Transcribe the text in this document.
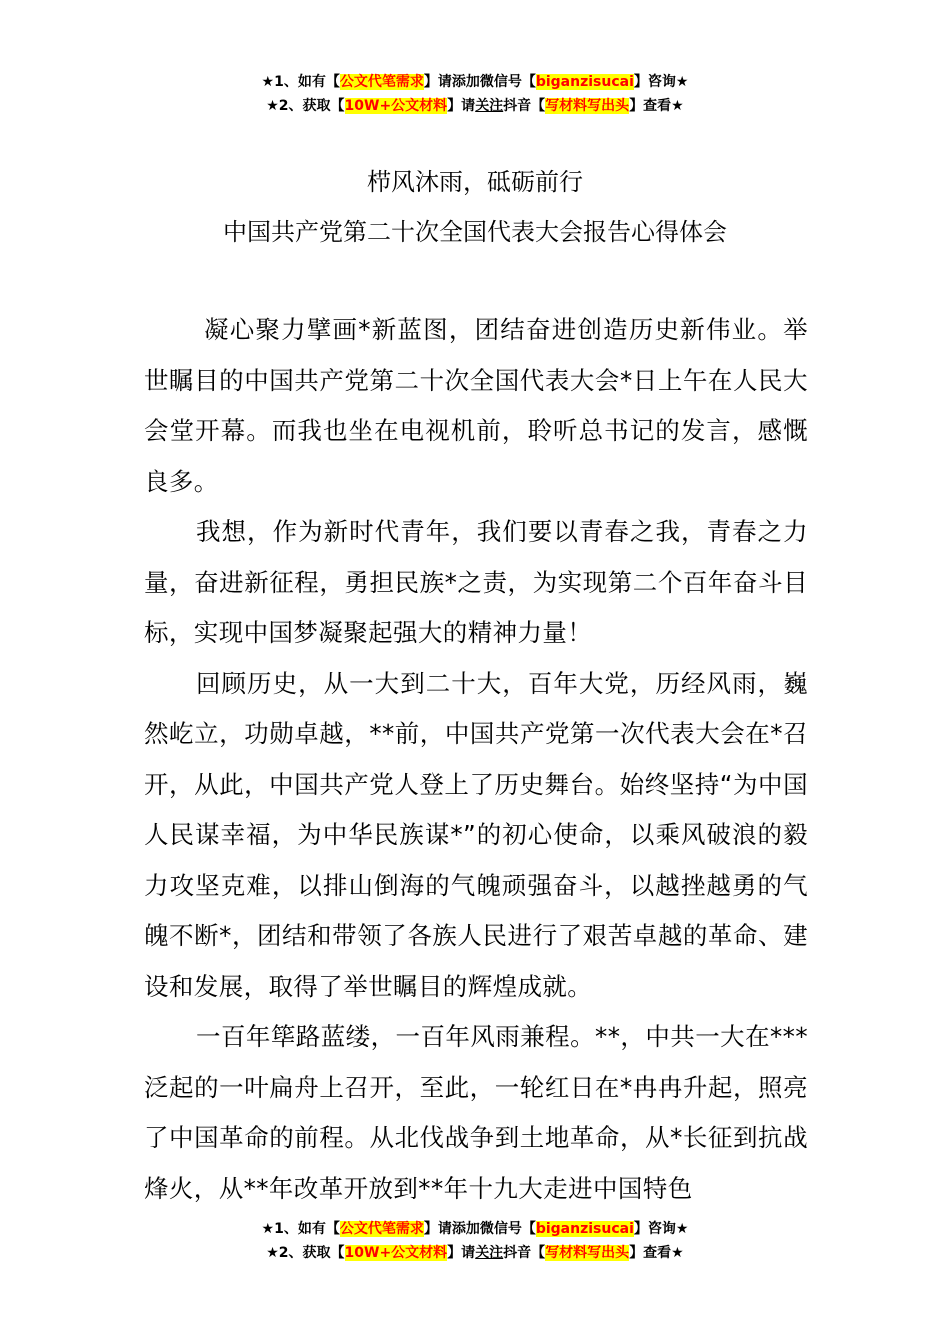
★1、如有【公文代笔需求】请添加微信号【biganzisucai】咨询★
★2、获取【10W+公文材料】请关注抖音【写材料写出头】查看★
栉风沐雨，砥砺前行
中国共产党第二十次全国代表大会报告心得体会

凝心聚力擘画*新蓝图，团结奋进创造历史新伟业。举世瞩目的中国共产党第二十次全国代表大会*日上午在人民大会堂开幕。而我也坐在电视机前，聆听总书记的发言，感慨良多。

我想，作为新时代青年，我们要以青春之我，青春之力量，奋进新征程，勇担民族*之责，为实现第二个百年奋斗目标，实现中国梦凝聚起强大的精神力量！

回顾历史，从一大到二十大，百年大党，历经风雨，巍然屹立，功勋卓越，**前，中国共产党第一次代表大会在*召开，从此，中国共产党人登上了历史舞台。始终坚持“为中国人民谋幸福，为中华民族谋*”的初心使命，以乘风破浪的毅力攻坚克难，以排山倒海的气魄顽强奋斗，以越挫越勇的气魄不断*，团结和带领了各族人民进行了艰苦卓越的革命、建设和发展，取得了举世瞩目的辉煌成就。

一百年筚路蓝缕，一百年风雨兼程。**，中共一大在***泛起的一叶扁舟上召开，至此，一轮红日在*冉冉升起，照亮了中国革命的前程。从北伐战争到土地革命，从*长征到抗战烽火，从**年改革开放到**年十九大走进中国特色

★1、如有【公文代笔需求】请添加微信号【biganzisucai】咨询★
★2、获取【10W+公文材料】请关注抖音【写材料写出头】查看★
